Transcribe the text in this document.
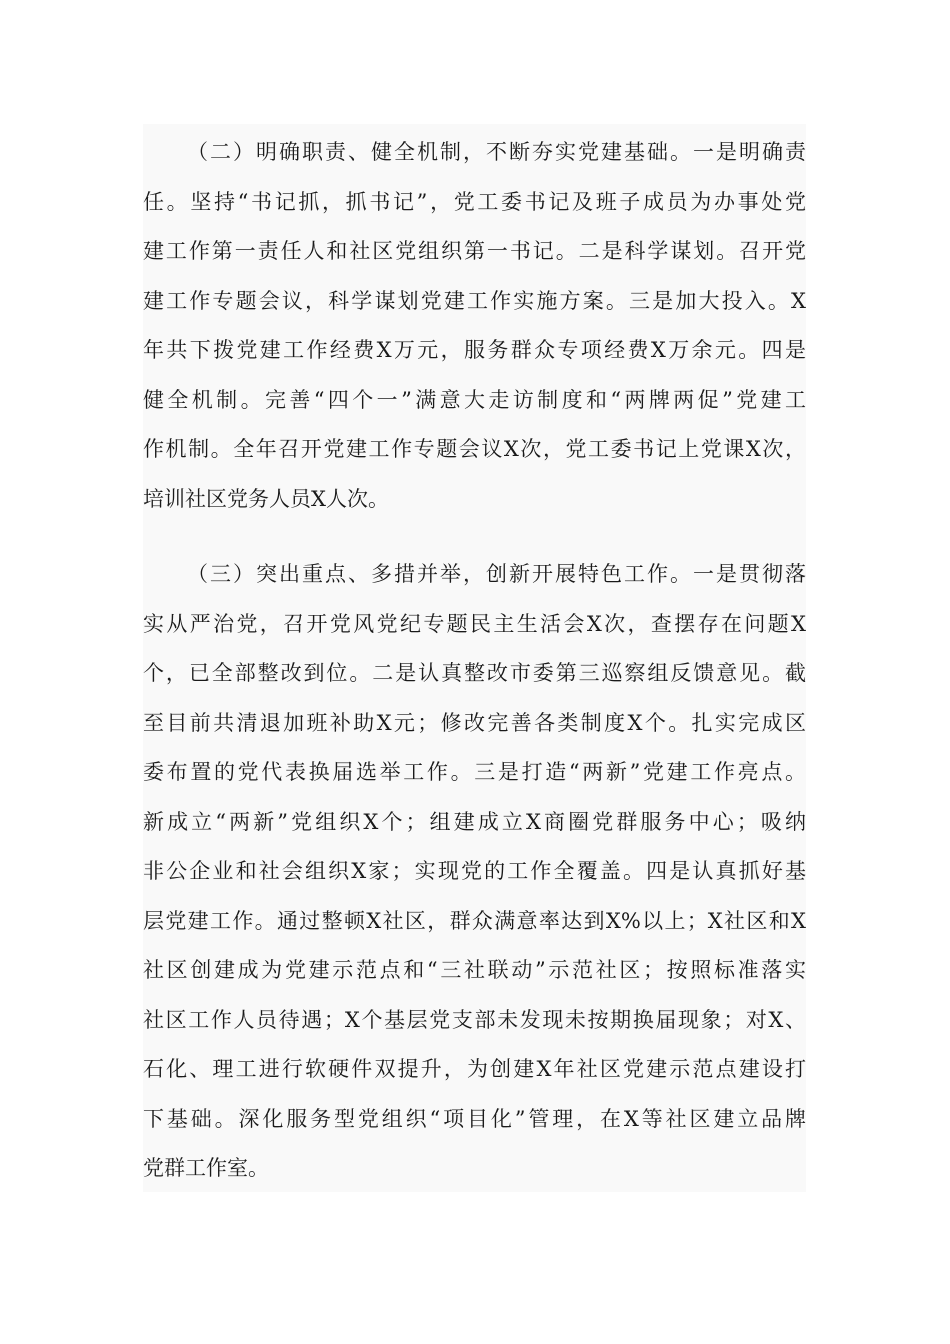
（二）明确职责、健全机制，不断夯实党建基础。一是明确责
任。坚持“书记抓，抓书记”，党工委书记及班子成员为办事处党
建工作第一责任人和社区党组织第一书记。二是科学谋划。召开党
建工作专题会议，科学谋划党建工作实施方案。三是加大投入。X
年共下拨党建工作经费X万元，服务群众专项经费X万余元。四是
健全机制。完善“四个一”满意大走访制度和“两牌两促”党建工
作机制。全年召开党建工作专题会议X次，党工委书记上党课X次，
培训社区党务人员X人次。

（三）突出重点、多措并举，创新开展特色工作。一是贯彻落
实从严治党，召开党风党纪专题民主生活会X次，查摆存在问题X
个，已全部整改到位。二是认真整改市委第三巡察组反馈意见。截
至目前共清退加班补助X元；修改完善各类制度X个。扎实完成区
委布置的党代表换届选举工作。三是打造“两新”党建工作亮点。
新成立“两新”党组织X个；组建成立X商圈党群服务中心；吸纳
非公企业和社会组织X家；实现党的工作全覆盖。四是认真抓好基
层党建工作。通过整顿X社区，群众满意率达到X%以上；X社区和X
社区创建成为党建示范点和“三社联动”示范社区；按照标准落实
社区工作人员待遇；X个基层党支部未发现未按期换届现象；对X、
石化、理工进行软硬件双提升，为创建X年社区党建示范点建设打
下基础。深化服务型党组织“项目化”管理，在X等社区建立品牌
党群工作室。
